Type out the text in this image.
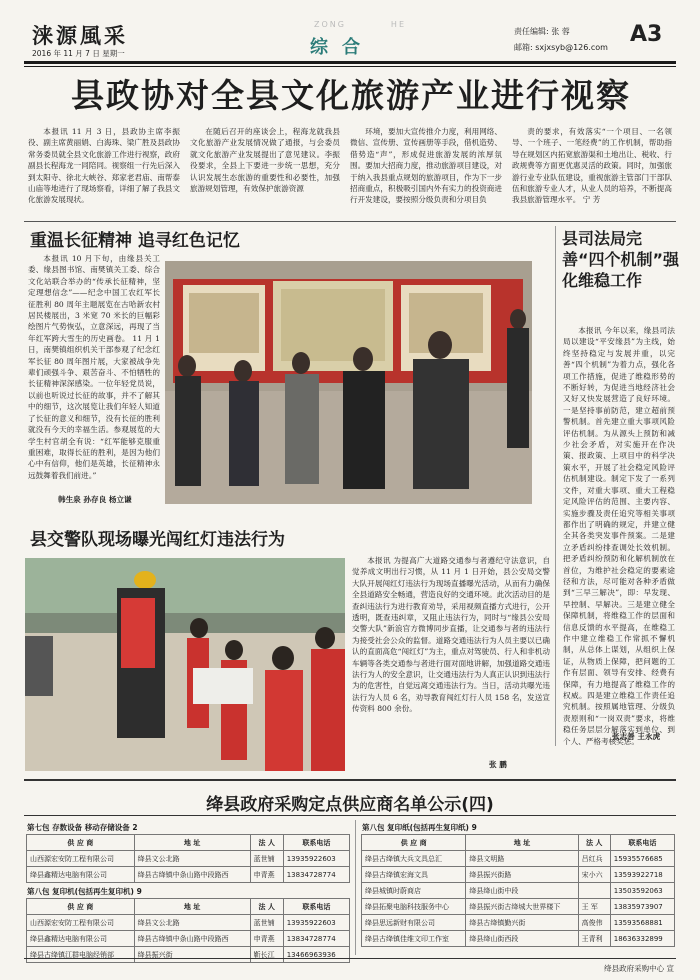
涞源風采
2016 年 11 月 7 日 星期一
ZONG	HE
综合
责任编辑: 张 蓉
邮箱: sxjxsyb@126.com
A3
县政协对全县文化旅游产业进行视察

本报讯 11 月 3 日，县政协主席李振役、副主席黄丽娟、白海珠、梁广胜及县政协常务委员就全县文化旅游工作进行视察，政府副县长程海龙一同陪同。视察组一行先后深入到太阳寺、徐北大峡谷、郑家老君庙、南帮泰山庙等地进行了现场察看，详细了解了我县文化旅游发展现状。

在随后召开的座谈会上，程海龙就我县文化旅游产业发展情况做了通报，与会委员就文化旅游产业发展提出了意见建议。李振役要求，全县上下要进一步统一思想，充分认识发展生态旅游的重要性和必要性，加强旅游规划管理，有效保护旅游资源

环境，要加大宣传推介力度，利用网络、微信、宣传册、宣传画册等手段，借机造势、借势造“声”，形成促进旅游发展的浓厚氛围。要加大招商力度，推动旅游项目建设，对于纳入我县重点规划的旅游项目，作为下一步招商重点，积极吸引国内外有实力的投资商进行开发建设，要按照分级负责和分项目负

责的要求，有效落实“一个项目、一名领导、一个班子、一笔经费”的工作机制，帮助指导在规划区内拓宽旅游渠和土地出让、税收、行政规费等方面更优惠灵活的政策。同时，加强旅游行业专业队伍建设，重视旅游主管部门干部队伍和旅游专业人才，从业人员的培养，不断提高我县旅游管理水平。 宁 芳

重温长征精神 追寻红色记忆

本报讯 10 月下旬，由缘县关工委、缘县图书馆、南樊镇关工委、综合文化站联合举办的“传承长征精神，坚定理想信念”——纪念中国工农红军长征胜利 80 周年主题展览在古哈新农村居民楼展出，3 米宽 70 米长的巨幅彩绘图片气势恢弘，立意深远，再现了当年红军跨大雪生的历史画卷。 11 月 1 日，南樊镇组织机关干部参观了纪念红军长征 80 周年图片展，大家被战争先辈们顽强斗争、艰苦奋斗、不怕牺牲的长征精神深深感染。一位年轻党员说，以前也听说过长征的故事，并不了解其中的细节，这次展览让我们年轻人知道了长征的意义和细节，没有长征的胜利就没有今天的幸福生活。参观展览的大学生村官胡全有说：“红军能够克服重重困难，取得长征的胜利，是因为他们心中有信仰，他们是英雄，长征精神永远鼓舞着我们前进。”

韩生泉 孙存良 杨立谦
县司法局完善“四个机制”强化维稳工作

本报讯 今年以来，缘县司法局以建设“平安缘县”为主线，始终坚持稳定与发展并重，以完善“四个机制”为着力点，强化各项工作措施，促进了维稳形势的不断好转，为促进当地经济社会又好又快发展营造了良好环境。一是坚持事前防范，建立超前预警机制。首先建立重大事项风险评估机制。为从源头上预防和减少社会矛盾，对实施开在作决策、报政策、上项目中的科学决策水平，开展了社会稳定风险评估机制建设。制定下发了一系列文件，对重大事项、重大工程稳定风险评估的范围、主要内容、实施步骤及责任追究等相关事项都作出了明确的规定，并建立健全其各类突发事件预案。二是建立矛盾纠纷排查调处长效机制。把矛盾纠纷预防和化解机制放在首位，为维护社会稳定的要素途径和方法，尽可能对各种矛盾做到“三早三解决”，即：早发现、早控制、早解决。三是建立健全保障机制，将维稳工作的层面和信息反馈的水平提高，在维稳工作中建立维稳工作常抓不懈机制，从总体上谋划，从组织上保证，从物质上保障，把问题的工作有层面、领导有安排、经费有保障，有力地提高了维稳工作的权威。四是建立维稳工作责任追究机制。按照属地管理、分级负责原则和“一岗双责”要求，将维稳任务层层分解落实到单位、到个人、严格考核奖惩。

张志善 王永虎
县交警队现场曝光闯红灯违法行为

本报讯 为提高广大道路交通参与者遵纪守法意识，自觉养成文明出行习惯，从 11 月 1 日开始，县公安局交警大队开展闯红灯违法行为现场直播曝光活动，从而有力确保全县道路安全畅通，营造良好的交通环境。此次活动目的是查纠违法行为进行教育劝导，采用视频直播方式进行，公开透明，既查违纠章，又阻止违法行为，同时与“缘县公安局交警大队”新浪官方微博同步直播，让交通参与者的违法行为接受社会公众的监督。道路交通违法行为人员主要以已确认的直面高危“闯红灯”为主，重点对驾驶员、行人和非机动车辆等各类交通参与者进行面对面地讲解，加强道路交通违法行为人的安全意识，让交通违法行为人真正认识到违法行为的危害性，自觉远离交通违法行为。当日，活动共曝光违法行为人员 6 名，劝导教育闯红灯行人员 158 名，发送宣传资料 800 余份。

张 鹏
绛县政府采购定点供应商名单公示(四)
第七包 存数设备 移动存储设备 2
供 应 商	地 址	法 人	联系电话
山西源宏安防工程有限公司	绛县文公北路	蓝世铺	13935922603
绛县鑫精达电脑有限公司	绛县古绛镇中条山路中段路西	申青燕	13834728774
第八包 复印机(包括再生复印机) 9
供 应 商	地 址	法 人	联系电话
山西源宏安防工程有限公司	绛县文公北路	蓝世铺	13935922603
绛县鑫精达电脑有限公司	绛县古绛镇中条山路中段路西	申青燕	13834728774
绛县古绛镇江群电脑经销部	绛县振兴街	靳长江	13466963936
第八包 复印纸(包括再生复印纸) 9
供 应 商	地 址	法 人	联系电话
绛县古绛镇大兵文具总汇	绛县文明路	吕红兵	15935576685
绛县古绛镇宏海文具	绛县振兴街路	宋小六	13593922718
绛县城镇时蔚商店	绛县绛山街中段		13503592063
绛县拓聚电脑科技服务中心	绛县振兴街古绛城大世界楼下	王 军	13835973907
绛县思远新财有限公司	绛县古绛镇勤兴街	高俊伟	13593568881
绛县古绛镇佳维文印工作室	绛县绛山街西段	王青利	18636332899
绛县政府采购中心 宣
